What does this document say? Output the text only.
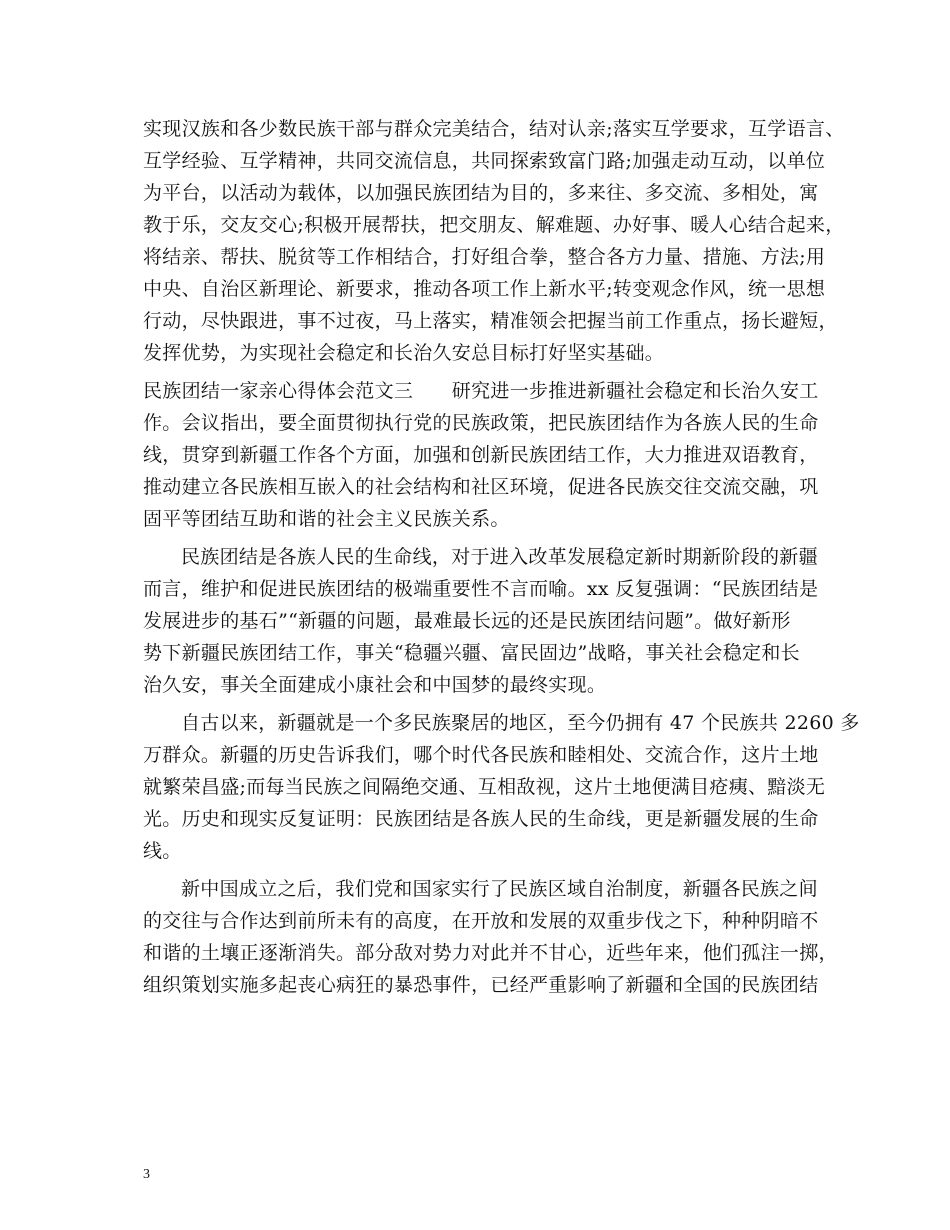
实现汉族和各少数民族干部与群众完美结合，结对认亲;落实互学要求，互学语言、
互学经验、互学精神，共同交流信息，共同探索致富门路;加强走动互动，以单位
为平台，以活动为载体，以加强民族团结为目的，多来往、多交流、多相处，寓
教于乐，交友交心;积极开展帮扶，把交朋友、解难题、办好事、暖人心结合起来，
将结亲、帮扶、脱贫等工作相结合，打好组合拳，整合各方力量、措施、方法;用
中央、自治区新理论、新要求，推动各项工作上新水平;转变观念作风，统一思想
行动，尽快跟进，事不过夜，马上落实，精准领会把握当前工作重点，扬长避短，
发挥优势，为实现社会稳定和长治久安总目标打好坚实基础。
民族团结一家亲心得体会范文三　　研究进一步推进新疆社会稳定和长治久安工
作。会议指出，要全面贯彻执行党的民族政策，把民族团结作为各族人民的生命
线，贯穿到新疆工作各个方面，加强和创新民族团结工作，大力推进双语教育，
推动建立各民族相互嵌入的社会结构和社区环境，促进各民族交往交流交融，巩
固平等团结互助和谐的社会主义民族关系。
民族团结是各族人民的生命线，对于进入改革发展稳定新时期新阶段的新疆
而言，维护和促进民族团结的极端重要性不言而喻。xx 反复强调：“民族团结是
发展进步的基石”“新疆的问题，最难最长远的还是民族团结问题”。做好新形
势下新疆民族团结工作，事关“稳疆兴疆、富民固边”战略，事关社会稳定和长
治久安，事关全面建成小康社会和中国梦的最终实现。
自古以来，新疆就是一个多民族聚居的地区，至今仍拥有 47 个民族共 2260 多
万群众。新疆的历史告诉我们，哪个时代各民族和睦相处、交流合作，这片土地
就繁荣昌盛;而每当民族之间隔绝交通、互相敌视，这片土地便满目疮痍、黯淡无
光。历史和现实反复证明：民族团结是各族人民的生命线，更是新疆发展的生命
线。
新中国成立之后，我们党和国家实行了民族区域自治制度，新疆各民族之间
的交往与合作达到前所未有的高度，在开放和发展的双重步伐之下，种种阴暗不
和谐的土壤正逐渐消失。部分敌对势力对此并不甘心，近些年来，他们孤注一掷，
组织策划实施多起丧心病狂的暴恐事件，已经严重影响了新疆和全国的民族团结
3
